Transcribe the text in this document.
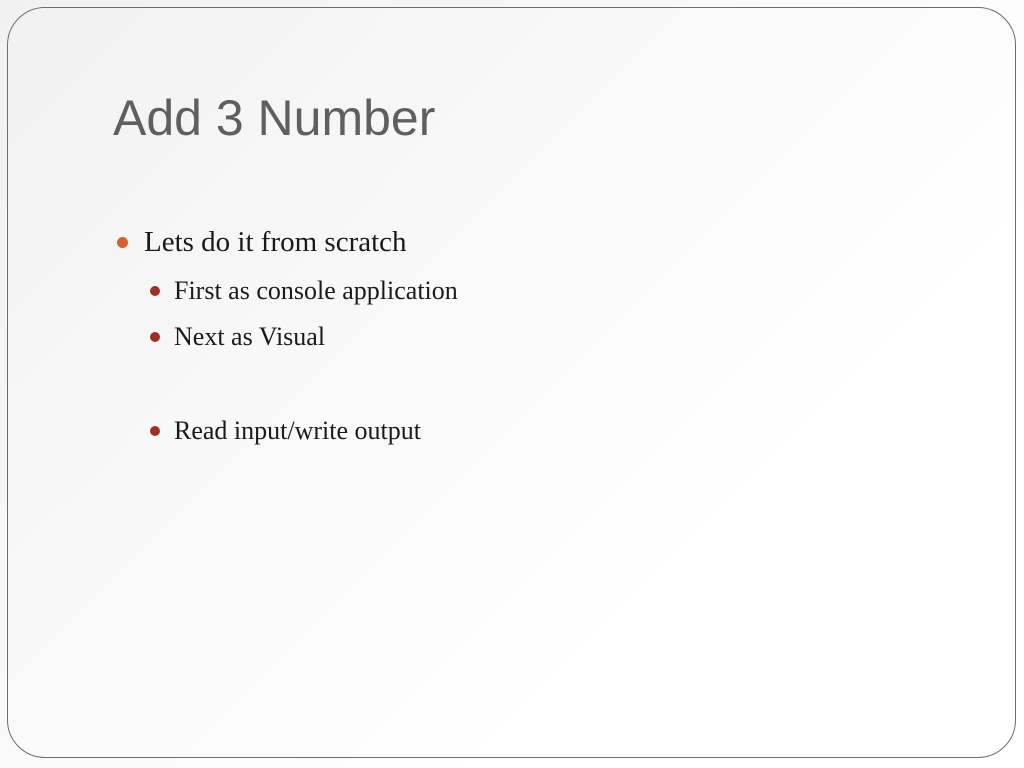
Add 3 Number
Lets do it from scratch
First as console application
Next as Visual
Read input/write output
